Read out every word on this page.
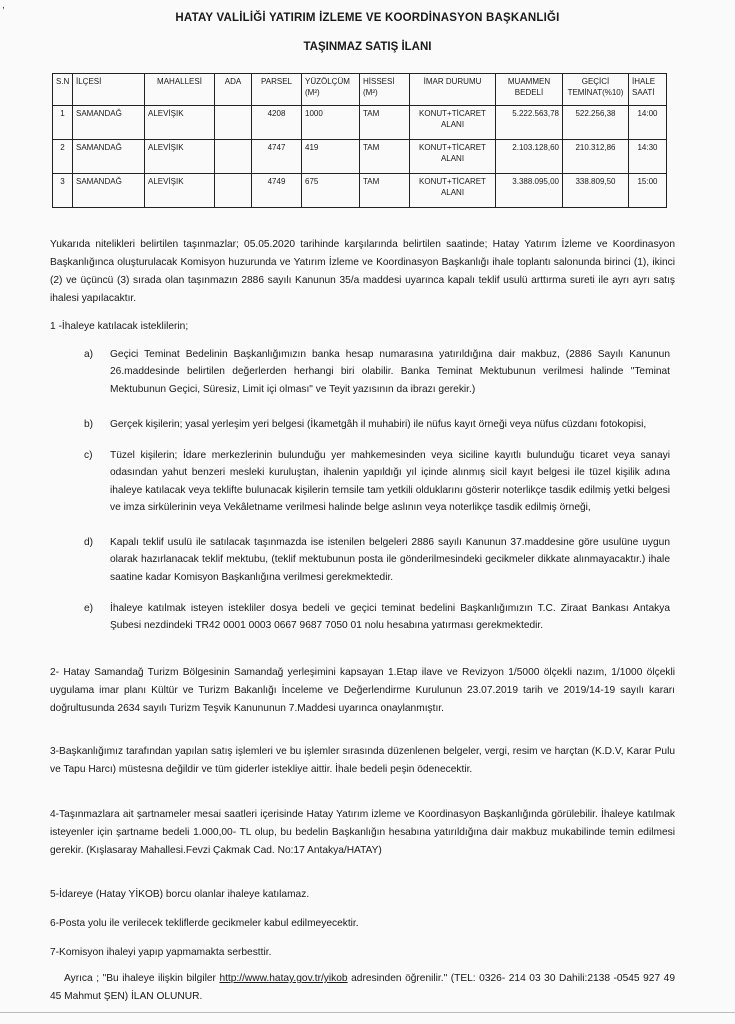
,
HATAY VALİLİĞİ YATIRIM İZLEME VE KOORDİNASYON BAŞKANLIĞI
TAŞINMAZ SATIŞ İLANI
S.N	İLÇESİ	MAHALLESİ	ADA	PARSEL	YÜZÖLÇÜM (M²)	HİSSESİ (M²)	İMAR DURUMU	MUAMMEN BEDELİ	GEÇİCİ TEMİNAT(%10)	İHALE SAATİ
1	SAMANDAĞ	ALEVİŞIK		4208	1000	TAM	KONUT+TİCARET ALANI	5.222.563,78	522.256,38	14:00
2	SAMANDAĞ	ALEVİŞIK		4747	419	TAM	KONUT+TİCARET ALANI	2.103.128,60	210.312,86	14:30
3	SAMANDAĞ	ALEVİŞIK		4749	675	TAM	KONUT+TİCARET ALANI	3.388.095,00	338.809,50	15:00
Yukarıda nitelikleri belirtilen taşınmazlar; 05.05.2020 tarihinde karşılarında belirtilen saatinde; Hatay Yatırım İzleme ve Koordinasyon Başkanlığınca oluşturulacak Komisyon huzurunda ve Yatırım İzleme ve Koordinasyon Başkanlığı ihale toplantı salonunda birinci (1), ikinci (2) ve üçüncü (3) sırada olan taşınmazın 2886 sayılı Kanunun 35/a maddesi uyarınca kapalı teklif usulü arttırma sureti ile ayrı ayrı satış ihalesi yapılacaktır.
1 -İhaleye katılacak isteklilerin;
a) Geçici Teminat Bedelinin Başkanlığımızın banka hesap numarasına yatırıldığına dair makbuz, (2886 Sayılı Kanunun 26.maddesinde belirtilen değerlerden herhangi biri olabilir. Banka Teminat Mektubunun verilmesi halinde "Teminat Mektubunun Geçici, Süresiz, Limit içi olması" ve Teyit yazısının da ibrazı gerekir.)
b) Gerçek kişilerin; yasal yerleşim yeri belgesi (İkametgâh il muhabiri) ile nüfus kayıt örneği veya nüfus cüzdanı fotokopisi,
c) Tüzel kişilerin; İdare merkezlerinin bulunduğu yer mahkemesinden veya siciline kayıtlı bulunduğu ticaret veya sanayi odasından yahut benzeri mesleki kuruluştan, ihalenin yapıldığı yıl içinde alınmış sicil kayıt belgesi ile tüzel kişilik adına ihaleye katılacak veya teklifte bulunacak kişilerin temsile tam yetkili olduklarını gösterir noterlikçe tasdik edilmiş yetki belgesi ve imza sirkülerinin veya Vekâletname verilmesi halinde belge aslının veya noterlikçe tasdik edilmiş örneği,
d) Kapalı teklif usulü ile satılacak taşınmazda ise istenilen belgeleri 2886 sayılı Kanunun 37.maddesine göre usulüne uygun olarak hazırlanacak teklif mektubu, (teklif mektubunun posta ile gönderilmesindeki gecikmeler dikkate alınmayacaktır.) ihale saatine kadar Komisyon Başkanlığına verilmesi gerekmektedir.
e) İhaleye katılmak isteyen istekliler dosya bedeli ve geçici teminat bedelini Başkanlığımızın T.C. Ziraat Bankası Antakya Şubesi nezdindeki TR42 0001 0003 0667 9687 7050 01 nolu hesabına yatırması gerekmektedir.
2- Hatay Samandağ Turizm Bölgesinin Samandağ yerleşimini kapsayan 1.Etap ilave ve Revizyon 1/5000 ölçekli nazım, 1/1000 ölçekli uygulama imar planı Kültür ve Turizm Bakanlığı İnceleme ve Değerlendirme Kurulunun 23.07.2019 tarih ve 2019/14-19 sayılı kararı doğrultusunda 2634 sayılı Turizm Teşvik Kanununun 7.Maddesi uyarınca onaylanmıştır.
3-Başkanlığımız tarafından yapılan satış işlemleri ve bu işlemler sırasında düzenlenen belgeler, vergi, resim ve harçtan (K.D.V, Karar Pulu ve Tapu Harcı) müstesna değildir ve tüm giderler istekliye aittir. İhale bedeli peşin ödenecektir.
4-Taşınmazlara ait şartnameler mesai saatleri içerisinde Hatay Yatırım izleme ve Koordinasyon Başkanlığında görülebilir. İhaleye katılmak isteyenler için şartname bedeli 1.000,00- TL olup, bu bedelin Başkanlığın hesabına yatırıldığına dair makbuz mukabilinde temin edilmesi gerekir. (Kışlasaray Mahallesi.Fevzi Çakmak Cad. No:17 Antakya/HATAY)
5-İdareye (Hatay YİKOB) borcu olanlar ihaleye katılamaz.
6-Posta yolu ile verilecek tekliflerde gecikmeler kabul edilmeyecektir.
7-Komisyon ihaleyi yapıp yapmamakta serbesttir.
Ayrıca ; "Bu ihaleye ilişkin bilgiler http://www.hatay.gov.tr/yikob adresinden öğrenilir." (TEL: 0326- 214 03 30 Dahili:2138 -0545 927 49 45 Mahmut ŞEN) İLAN OLUNUR.
